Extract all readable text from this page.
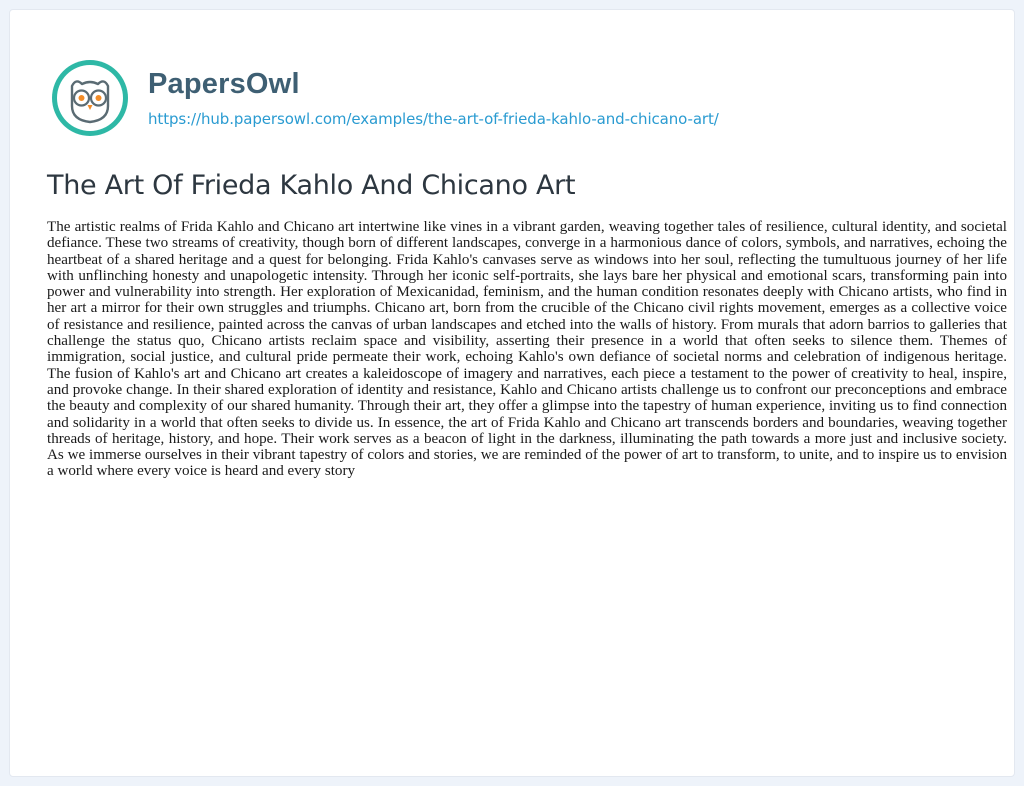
PapersOwl
https://hub.papersowl.com/examples/the-art-of-frieda-kahlo-and-chicano-art/
The Art Of Frieda Kahlo And Chicano Art

The artistic realms of Frida Kahlo and Chicano art intertwine like vines in a vibrant garden, weaving together tales of resilience, cultural identity, and societal defiance. These two streams of creativity, though born of different landscapes, converge in a harmonious dance of colors, symbols, and narratives, echoing the heartbeat of a shared heritage and a quest for belonging. Frida Kahlo's canvases serve as windows into her soul, reflecting the tumultuous journey of her life with unflinching honesty and unapologetic intensity. Through her iconic self-portraits, she lays bare her physical and emotional scars, transforming pain into power and vulnerability into strength. Her exploration of Mexicanidad, feminism, and the human condition resonates deeply with Chicano artists, who find in her art a mirror for their own struggles and triumphs. Chicano art, born from the crucible of the Chicano civil rights movement, emerges as a collective voice of resistance and resilience, painted across the canvas of urban landscapes and etched into the walls of history. From murals that adorn barrios to galleries that challenge the status quo, Chicano artists reclaim space and visibility, asserting their presence in a world that often seeks to silence them. Themes of immigration, social justice, and cultural pride permeate their work, echoing Kahlo's own defiance of societal norms and celebration of indigenous heritage. The fusion of Kahlo's art and Chicano art creates a kaleidoscope of imagery and narratives, each piece a testament to the power of creativity to heal, inspire, and provoke change. In their shared exploration of identity and resistance, Kahlo and Chicano artists challenge us to confront our preconceptions and embrace the beauty and complexity of our shared humanity. Through their art, they offer a glimpse into the tapestry of human experience, inviting us to find connection and solidarity in a world that often seeks to divide us. In essence, the art of Frida Kahlo and Chicano art transcends borders and boundaries, weaving together threads of heritage, history, and hope. Their work serves as a beacon of light in the darkness, illuminating the path towards a more just and inclusive society. As we immerse ourselves in their vibrant tapestry of colors and stories, we are reminded of the power of art to transform, to unite, and to inspire us to envision a world where every voice is heard and every story
